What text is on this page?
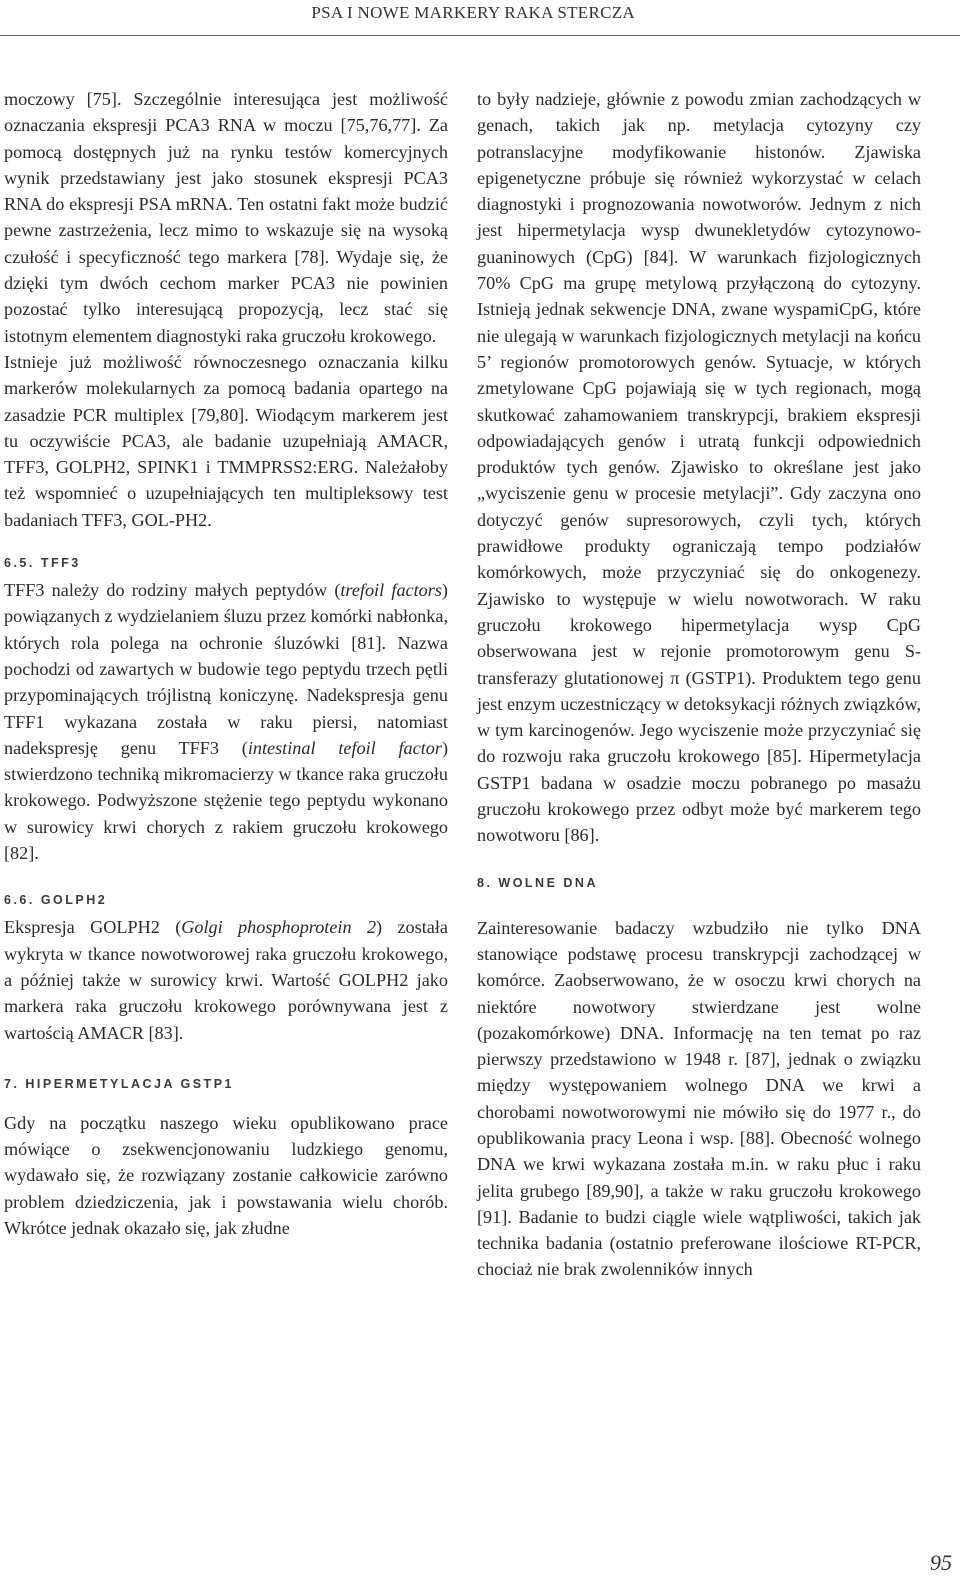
PSA I NOWE MARKERY RAKA STERCZA

moczowy [75]. Szczególnie interesująca jest możliwość oznaczania ekspresji PCA3 RNA w moczu [75,76,77]. Za pomocą dostępnych już na rynku testów komercyjnych wynik przedstawiany jest jako stosunek ekspresji PCA3 RNA do ekspresji PSA mRNA. Ten ostatni fakt może budzić pewne zastrzeżenia, lecz mimo to wskazuje się na wysoką czułość i specyficzność tego markera [78]. Wydaje się, że dzięki tym dwóch cechom marker PCA3 nie powinien pozostać tylko interesującą propozycją, lecz stać się istotnym elementem diagnostyki raka gruczołu krokowego.

Istnieje już możliwość równoczesnego oznaczania kilku markerów molekularnych za pomocą badania opartego na zasadzie PCR multiplex [79,80]. Wiodącym markerem jest tu oczywiście PCA3, ale badanie uzupełniają AMACR, TFF3, GOLPH2, SPINK1 i TMMPRSS2:ERG. Należałoby też wspomnieć o uzupełniających ten multipleksowy test badaniach TFF3, GOL-PH2.

6.5. TFF3

TFF3 należy do rodziny małych peptydów (trefoil factors) powiązanych z wydzielaniem śluzu przez komórki nabłonka, których rola polega na ochronie śluzówki [81]. Nazwa pochodzi od zawartych w budowie tego peptydu trzech pętli przypominających trójlistną koniczynę. Nadekspresja genu TFF1 wykazana została w raku piersi, natomiast nadekspresję genu TFF3 (intestinal tefoil factor) stwierdzono techniką mikromacierzy w tkance raka gruczołu krokowego. Podwyższone stężenie tego peptydu wykonano w surowicy krwi chorych z rakiem gruczołu krokowego [82].

6.6. GOLPH2

Ekspresja GOLPH2 (Golgi phosphoprotein 2) została wykryta w tkance nowotworowej raka gruczołu krokowego, a później także w surowicy krwi. Wartość GOLPH2 jako markera raka gruczołu krokowego porównywana jest z wartością AMACR [83].

7. HIPERMETYLACJA GSTP1

Gdy na początku naszego wieku opublikowano prace mówiące o zsekwencjonowaniu ludzkiego genomu, wydawało się, że rozwiązany zostanie całkowicie zarówno problem dziedziczenia, jak i powstawania wielu chorób. Wkrótce jednak okazało się, jak złudne

to były nadzieje, głównie z powodu zmian zachodzących w genach, takich jak np. metylacja cytozyny czy potranslacyjne modyfikowanie histonów. Zjawiska epigenetyczne próbuje się również wykorzystać w celach diagnostyki i prognozowania nowotworów. Jednym z nich jest hipermetylacja wysp dwunekletydów cytozynowo-guaninowych (CpG) [84]. W warunkach fizjologicznych 70% CpG ma grupę metylową przyłączoną do cytozyny. Istnieją jednak sekwencje DNA, zwane wyspamiCpG, które nie ulegają w warunkach fizjologicznych metylacji na końcu 5’ regionów promotorowych genów. Sytuacje, w których zmetylowane CpG pojawiają się w tych regionach, mogą skutkować zahamowaniem transkrypcji, brakiem ekspresji odpowiadających genów i utratą funkcji odpowiednich produktów tych genów. Zjawisko to określane jest jako „wyciszenie genu w procesie metylacji”. Gdy zaczyna ono dotyczyć genów supresorowych, czyli tych, których prawidłowe produkty ograniczają tempo podziałów komórkowych, może przyczyniać się do onkogenezy. Zjawisko to występuje w wielu nowotworach. W raku gruczołu krokowego hipermetylacja wysp CpG obserwowana jest w rejonie promotorowym genu S-transferazy glutationowej π (GSTP1). Produktem tego genu jest enzym uczestniczący w detoksykacji różnych związków, w tym karcinogenów. Jego wyciszenie może przyczyniać się do rozwoju raka gruczołu krokowego [85]. Hipermetylacja GSTP1 badana w osadzie moczu pobranego po masażu gruczołu krokowego przez odbyt może być markerem tego nowotworu [86].

8. WOLNE DNA

Zainteresowanie badaczy wzbudziło nie tylko DNA stanowiące podstawę procesu transkrypcji zachodzącej w komórce. Zaobserwowano, że w osoczu krwi chorych na niektóre nowotwory stwierdzane jest wolne (pozakomórkowe) DNA. Informację na ten temat po raz pierwszy przedstawiono w 1948 r. [87], jednak o związku między występowaniem wolnego DNA we krwi a chorobami nowotworowymi nie mówiło się do 1977 r., do opublikowania pracy Leona i wsp. [88]. Obecność wolnego DNA we krwi wykazana została m.in. w raku płuc i raku jelita grubego [89,90], a także w raku gruczołu krokowego [91]. Badanie to budzi ciągle wiele wątpliwości, takich jak technika badania (ostatnio preferowane ilościowe RT-PCR, chociaż nie brak zwolenników innych

95
